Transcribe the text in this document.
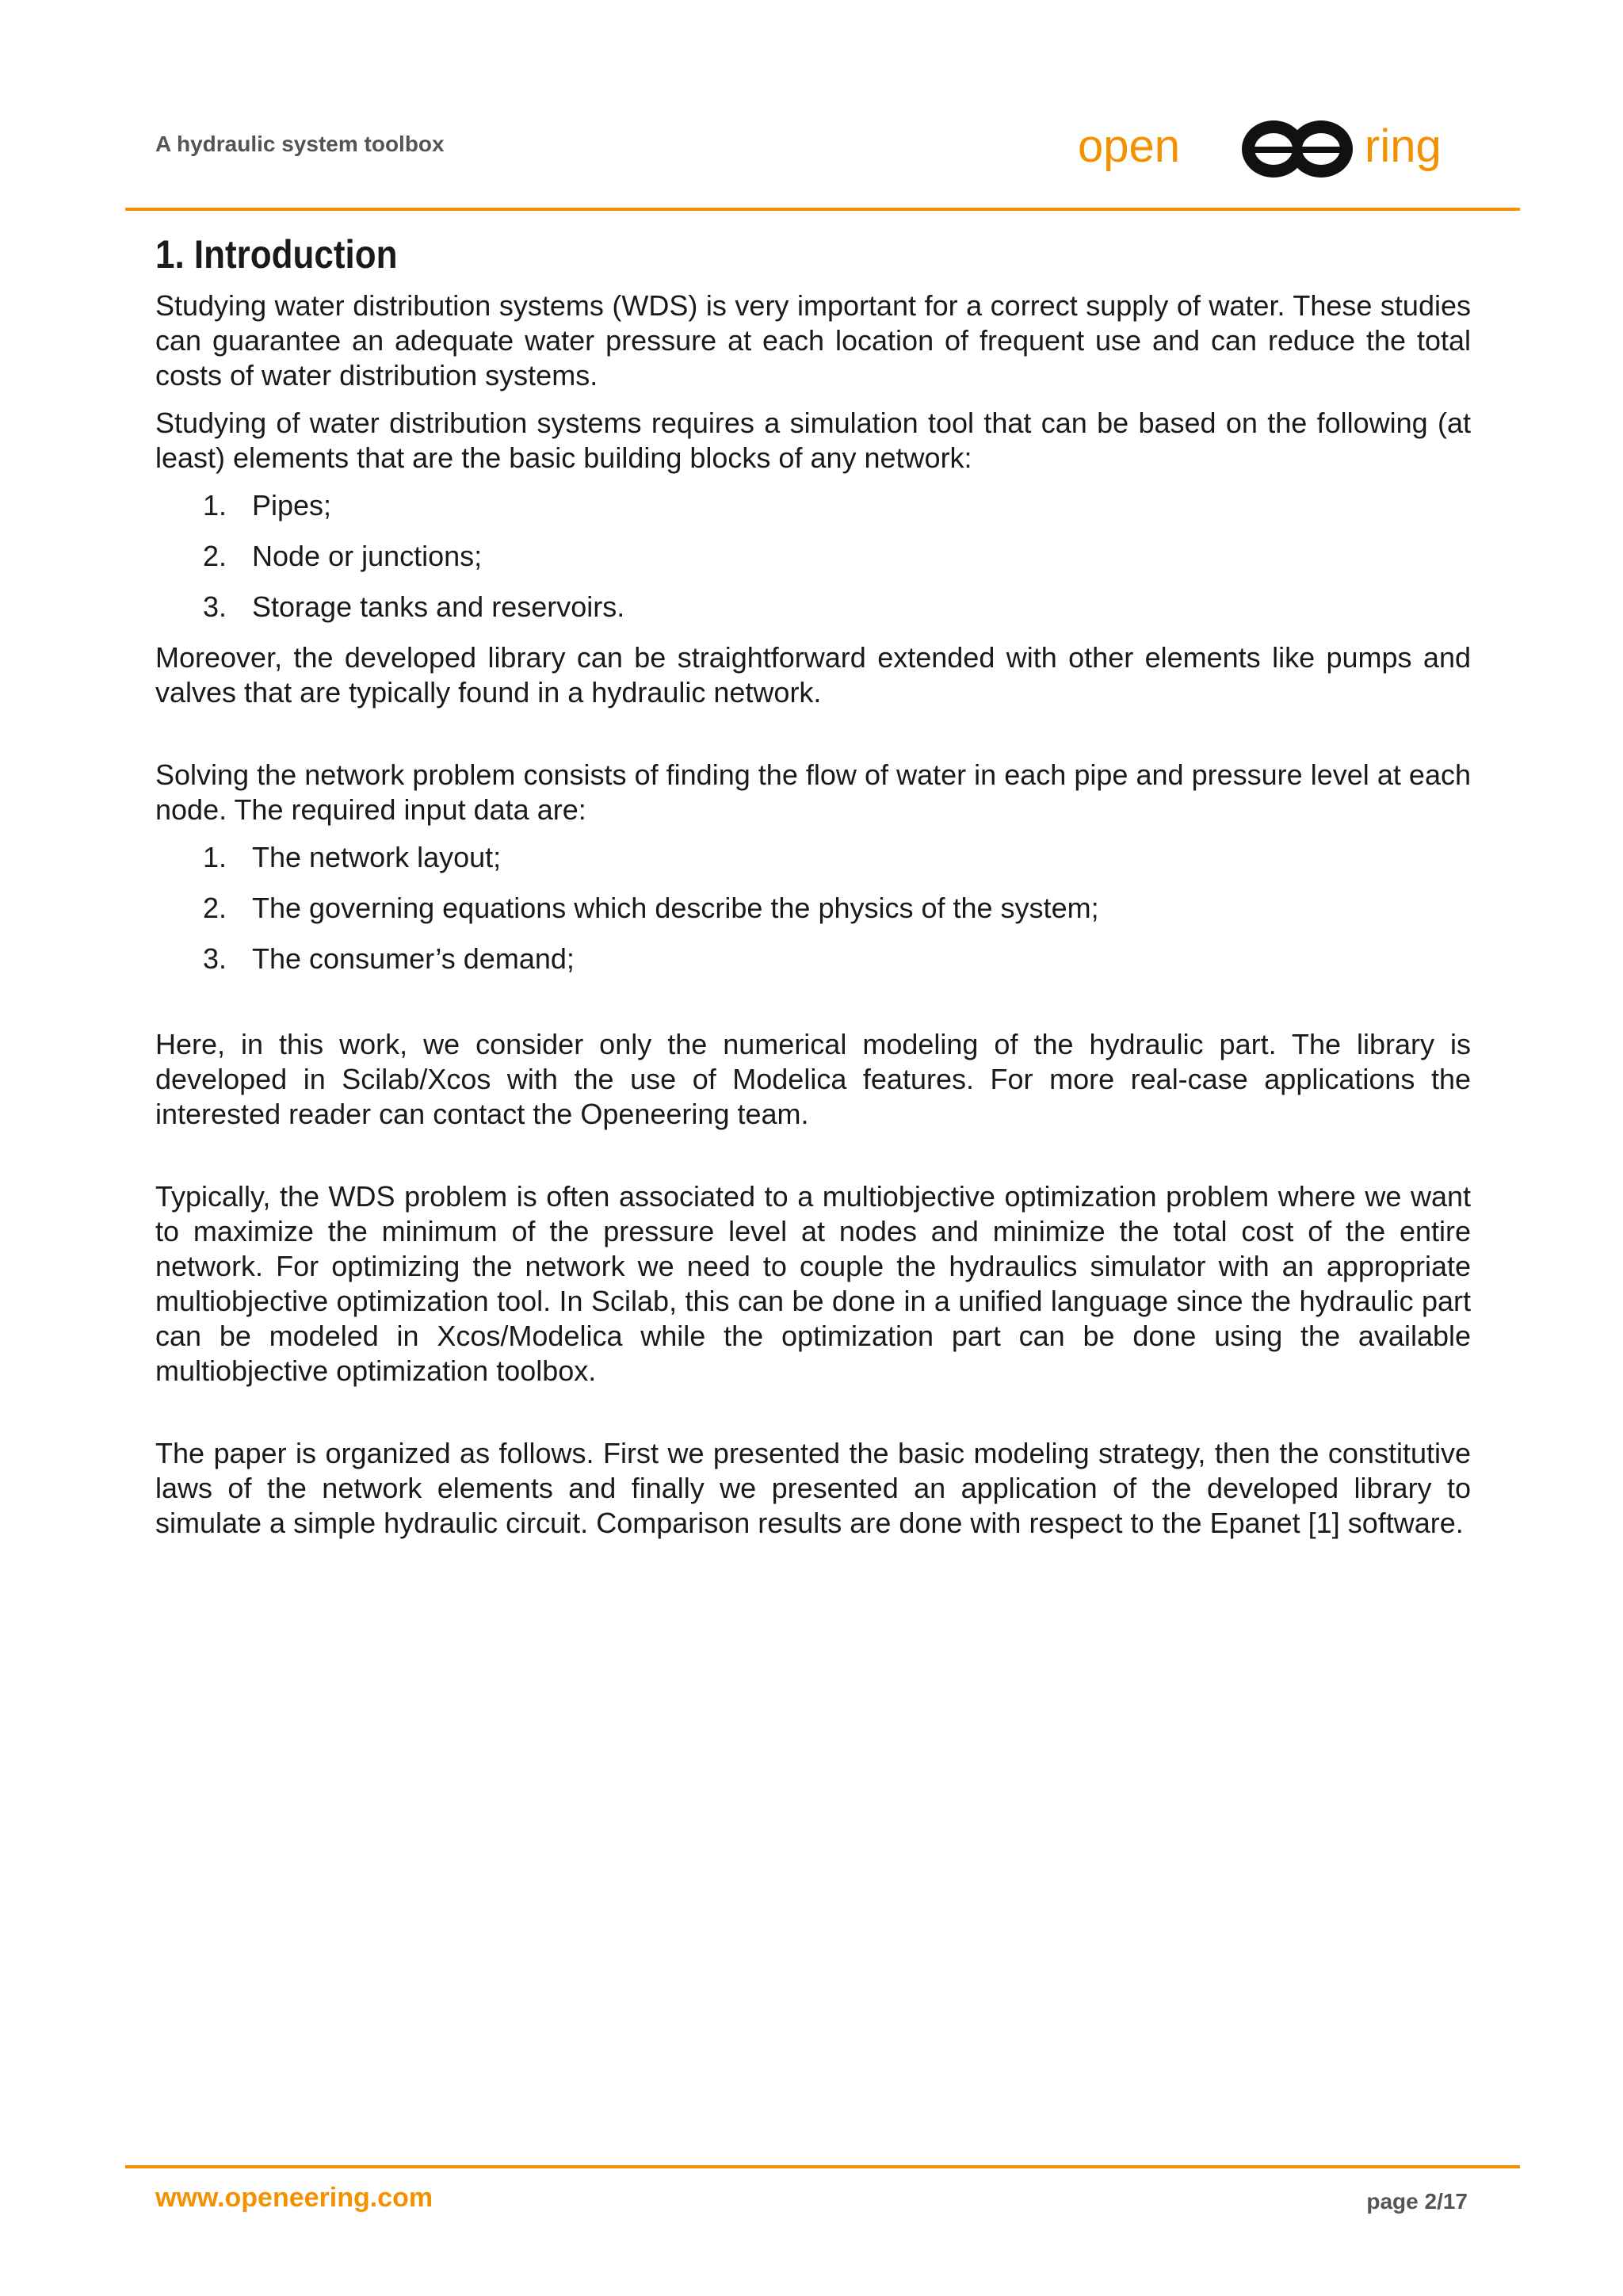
A hydraulic system toolbox	open	ring
1. Introduction

Studying water distribution systems (WDS) is very important for a correct supply of water. These studies can guarantee an adequate water pressure at each location of frequent use and can reduce the total costs of water distribution systems.

Studying of water distribution systems requires a simulation tool that can be based on the following (at least) elements that are the basic building blocks of any network:

1. Pipes;
2. Node or junctions;
3. Storage tanks and reservoirs.

Moreover, the developed library can be straightforward extended with other elements like pumps and valves that are typically found in a hydraulic network.

Solving the network problem consists of finding the flow of water in each pipe and pressure level at each node. The required input data are:

1. The network layout;
2. The governing equations which describe the physics of the system;
3. The consumer’s demand;

Here, in this work, we consider only the numerical modeling of the hydraulic part. The library is developed in Scilab/Xcos with the use of Modelica features. For more real-case applications the interested reader can contact the Openeering team.

Typically, the WDS problem is often associated to a multiobjective optimization problem where we want to maximize the minimum of the pressure level at nodes and minimize the total cost of the entire network. For optimizing the network we need to couple the hydraulics simulator with an appropriate multiobjective optimization tool. In Scilab, this can be done in a unified language since the hydraulic part can be modeled in Xcos/Modelica while the optimization part can be done using the available multiobjective optimization toolbox.

The paper is organized as follows. First we presented the basic modeling strategy, then the constitutive laws of the network elements and finally we presented an application of the developed library to simulate a simple hydraulic circuit. Comparison results are done with respect to the Epanet [1] software.

www.openeering.com	page 2/17
